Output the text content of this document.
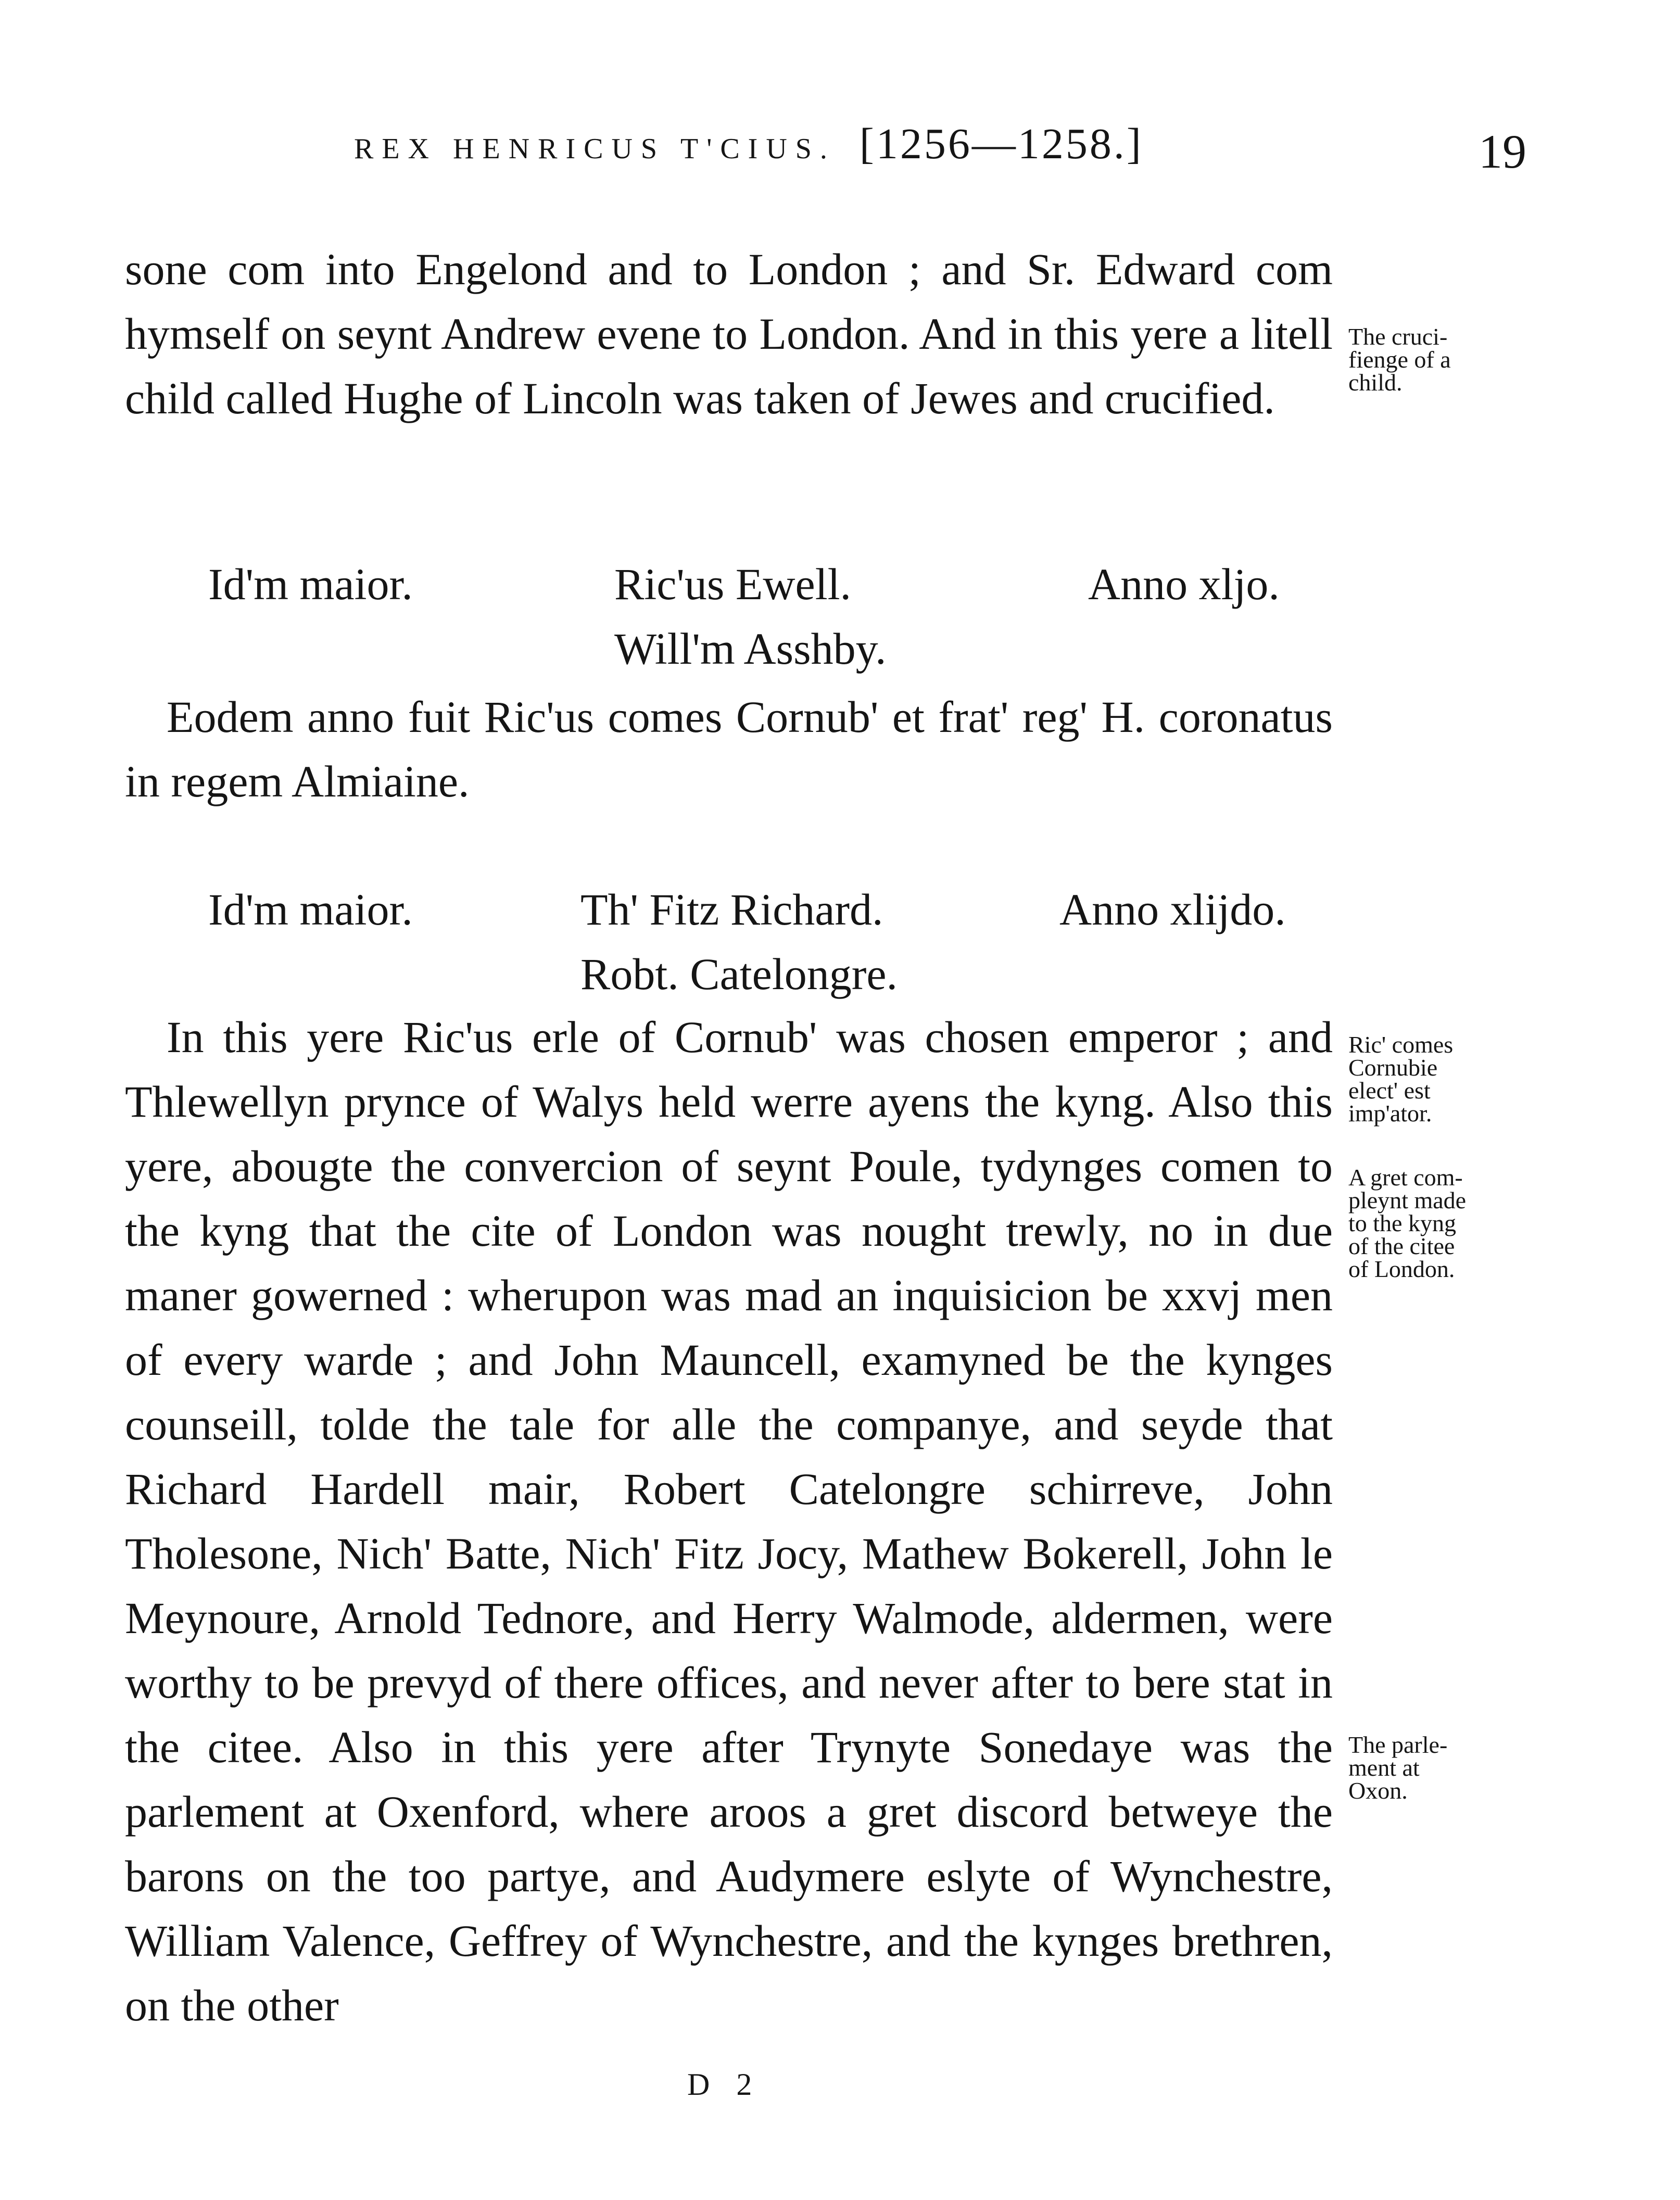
REX HENRICUS T'CIUS. [1256—1258.]	19

sone com into Engelond and to London ; and Sr. Edward com hymself on seynt Andrew evene to London. And in this yere a litell child called Hughe of Lincoln was taken of Jewes and crucified.

The cruci-
fienge of a
child.
Id'm maior.	Ric'us Ewell.	Anno xljo.
Will'm Asshby.

Eodem anno fuit Ric'us comes Cornub' et frat' reg' H. coronatus in regem Almiaine.

Id'm maior.	Th' Fitz Richard.	Anno xlijdo.
Robt. Catelongre.

In this yere Ric'us erle of Cornub' was chosen emperor ; and Thlewellyn prynce of Walys held werre ayens the kyng. Also this yere, abougte the convercion of seynt Poule, tydynges comen to the kyng that the cite of London was nought trewly, no in due maner gowerned : wherupon was mad an inquisicion be xxvj men of every warde ; and John Mauncell, examyned be the kynges counseill, tolde the tale for alle the companye, and seyde that Richard Hardell mair, Robert Catelongre schirreve, John Tholesone, Nich' Batte, Nich' Fitz Jocy, Mathew Bokerell, John le Meynoure, Arnold Tednore, and Herry Walmode, aldermen, were worthy to be prevyd of there offices, and never after to bere stat in the citee. Also in this yere after Trynyte Sonedaye was the parlement at Oxenford, where aroos a gret discord betweye the barons on the too partye, and Audymere eslyte of Wynchestre, William Valence, Geffrey of Wynchestre, and the kynges brethren, on the other

Ric' comes
Cornubie
elect' est
imp'ator.
A gret com-
pleynt made
to the kyng
of the citee
of London.
The parle-
ment at
Oxon.
D 2
